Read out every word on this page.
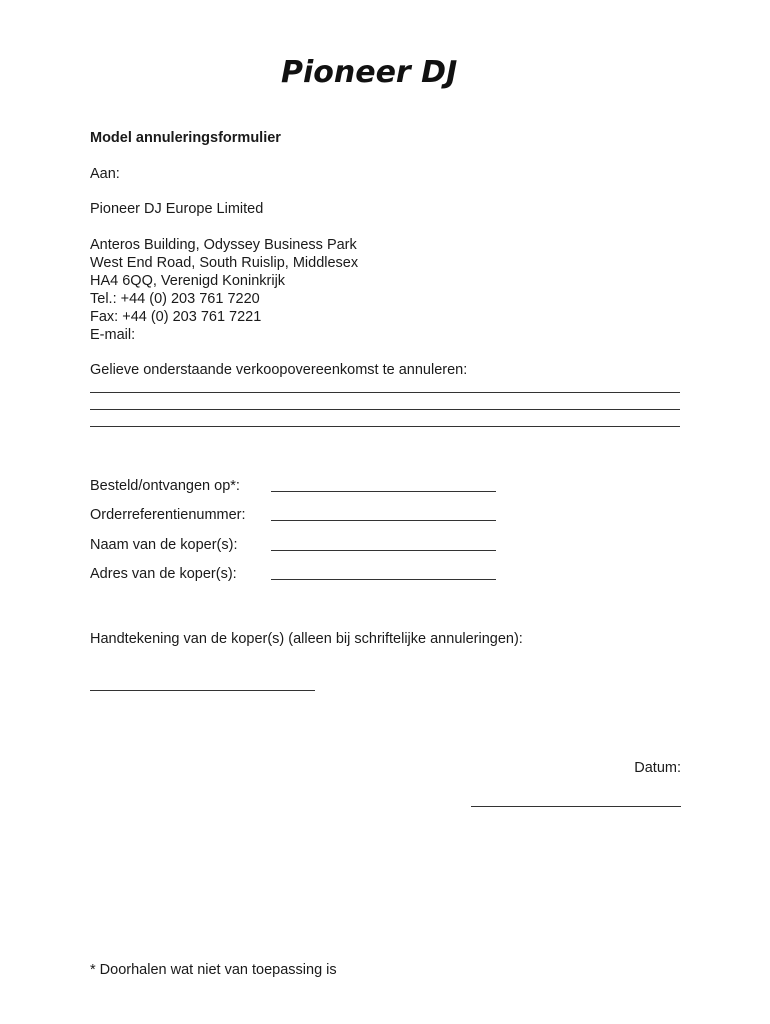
Pioneer DJ
Model annuleringsformulier
Aan:
Pioneer DJ Europe Limited
Anteros Building, Odyssey Business Park
West End Road, South Ruislip, Middlesex
HA4 6QQ, Verenigd Koninkrijk
Tel.: +44 (0) 203 761 7220
Fax: +44 (0) 203 761 7221
E-mail:
Gelieve onderstaande verkoopovereenkomst te annuleren:
Besteld/ontvangen op*:
Orderreferentienummer:
Naam van de koper(s):
Adres van de koper(s):
Handtekening van de koper(s) (alleen bij schriftelijke annuleringen):
Datum:
* Doorhalen wat niet van toepassing is
